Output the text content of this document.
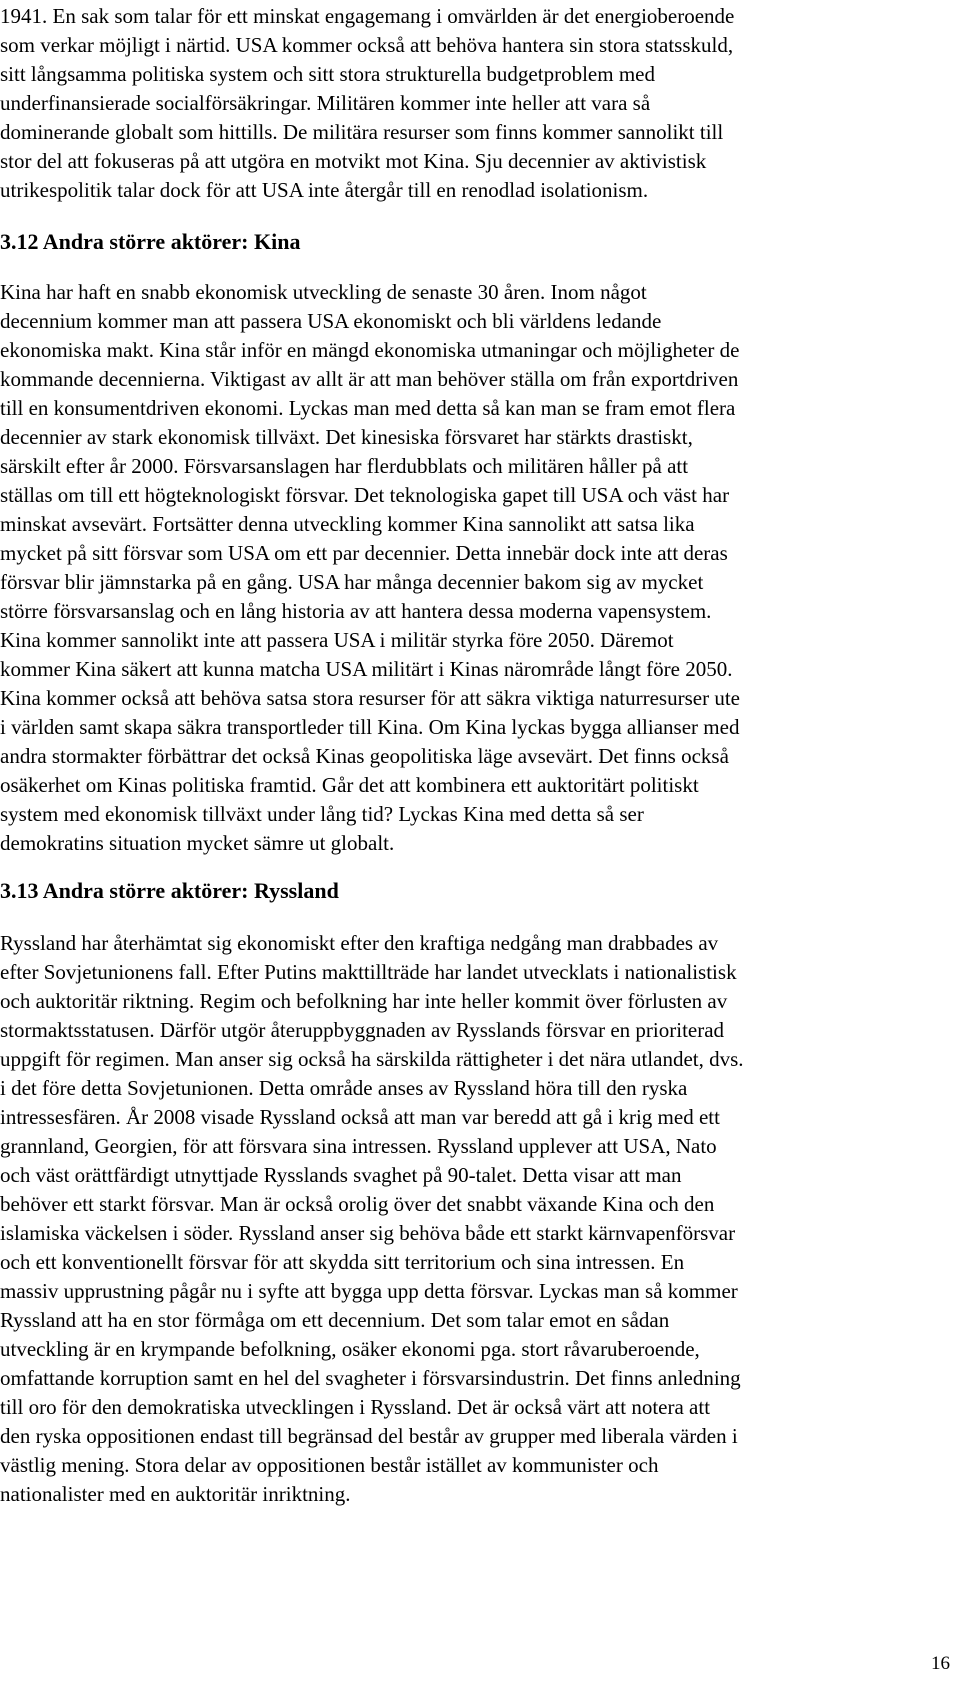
1941. En sak som talar för ett minskat engagemang i omvärlden är det energioberoende
som verkar möjligt i närtid. USA kommer också att behöva hantera sin stora statsskuld,
sitt långsamma politiska system och sitt stora strukturella budgetproblem med
underfinansierade socialförsäkringar. Militären kommer inte heller att vara så
dominerande globalt som hittills. De militära resurser som finns kommer sannolikt till
stor del att fokuseras på att utgöra en motvikt mot Kina. Sju decennier av aktivistisk
utrikespolitik talar dock för att USA inte återgår till en renodlad isolationism.

3.12 Andra större aktörer: Kina

Kina har haft en snabb ekonomisk utveckling de senaste 30 åren. Inom något
decennium kommer man att passera USA ekonomiskt och bli världens ledande
ekonomiska makt. Kina står inför en mängd ekonomiska utmaningar och möjligheter de
kommande decennierna. Viktigast av allt är att man behöver ställa om från exportdriven
till en konsumentdriven ekonomi. Lyckas man med detta så kan man se fram emot flera
decennier av stark ekonomisk tillväxt. Det kinesiska försvaret har stärkts drastiskt,
särskilt efter år 2000. Försvarsanslagen har flerdubblats och militären håller på att
ställas om till ett högteknologiskt försvar. Det teknologiska gapet till USA och väst har
minskat avsevärt. Fortsätter denna utveckling kommer Kina sannolikt att satsa lika
mycket på sitt försvar som USA om ett par decennier. Detta innebär dock inte att deras
försvar blir jämnstarka på en gång. USA har många decennier bakom sig av mycket
större försvarsanslag och en lång historia av att hantera dessa moderna vapensystem.
Kina kommer sannolikt inte att passera USA i militär styrka före 2050. Däremot
kommer Kina säkert att kunna matcha USA militärt i Kinas närområde långt före 2050.
Kina kommer också att behöva satsa stora resurser för att säkra viktiga naturresurser ute
i världen samt skapa säkra transportleder till Kina. Om Kina lyckas bygga allianser med
andra stormakter förbättrar det också Kinas geopolitiska läge avsevärt. Det finns också
osäkerhet om Kinas politiska framtid. Går det att kombinera ett auktoritärt politiskt
system med ekonomisk tillväxt under lång tid? Lyckas Kina med detta så ser
demokratins situation mycket sämre ut globalt.

3.13 Andra större aktörer: Ryssland

Ryssland har återhämtat sig ekonomiskt efter den kraftiga nedgång man drabbades av
efter Sovjetunionens fall. Efter Putins makttillträde har landet utvecklats i nationalistisk
och auktoritär riktning. Regim och befolkning har inte heller kommit över förlusten av
stormaktsstatusen. Därför utgör återuppbyggnaden av Rysslands försvar en prioriterad
uppgift för regimen. Man anser sig också ha särskilda rättigheter i det nära utlandet, dvs.
i det före detta Sovjetunionen. Detta område anses av Ryssland höra till den ryska
intressesfären. År 2008 visade Ryssland också att man var beredd att gå i krig med ett
grannland, Georgien, för att försvara sina intressen. Ryssland upplever att USA, Nato
och väst orättfärdigt utnyttjade Rysslands svaghet på 90-talet. Detta visar att man
behöver ett starkt försvar. Man är också orolig över det snabbt växande Kina och den
islamiska väckelsen i söder. Ryssland anser sig behöva både ett starkt kärnvapenförsvar
och ett konventionellt försvar för att skydda sitt territorium och sina intressen. En
massiv upprustning pågår nu i syfte att bygga upp detta försvar. Lyckas man så kommer
Ryssland att ha en stor förmåga om ett decennium. Det som talar emot en sådan
utveckling är en krympande befolkning, osäker ekonomi pga. stort råvaruberoende,
omfattande korruption samt en hel del svagheter i försvarsindustrin. Det finns anledning
till oro för den demokratiska utvecklingen i Ryssland. Det är också värt att notera att
den ryska oppositionen endast till begränsad del består av grupper med liberala värden i
västlig mening. Stora delar av oppositionen består istället av kommunister och
nationalister med en auktoritär inriktning.

16
